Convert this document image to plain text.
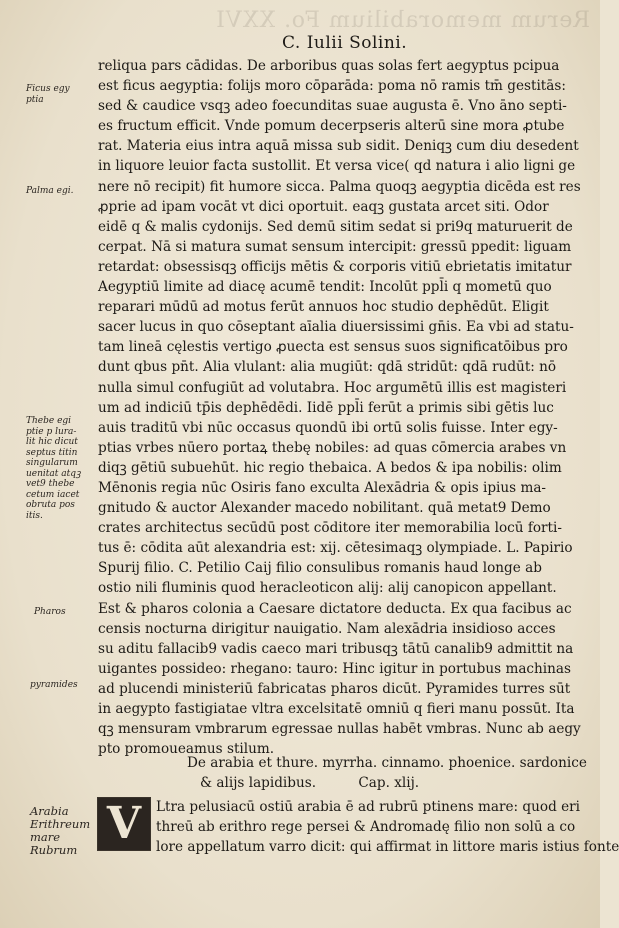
Rerum memorabilium Fo. XXVI
C. Iulii Solini.
Ficus egy
ptia
Palma egi.
Thebe egi
ptie p lura-
lit hic dicut
septus titin
singularum
uenitat atqꝫ
vet9 thebe
cetum iacet
obruta pos
itis.
Pharos
pyramides
Arabia
Erithreum
mare
Rubrum
reliqua pars cādidas. De arboribus quas solas fert aegyptus pcipua
est ficus aegyptia: folijs moro cōparāda: poma nō ramis tm̄ gestitās:
sed & caudice vsqꝫ adeo foecunditas suae augusta ē. Vno āno septi-
es fructum efficit. Vnde pomum decerpseris alterū sine mora ꝓtube
rat. Materia eius intra aquā missa sub sidit. Deniqꝫ cum diu desedent
in liquore leuior facta sustollit. Et versa vice( qd natura i alio ligni ge
nere nō recipit) fit humore sicca. Palma quoqꝫ aegyptia dicēda est res
ꝓprie ad ipam vocāt vt dici oportuit. eaqꝫ gustata arcet siti. Odor
eidē q & malis cydonijs. Sed demū sitim sedat si pri9q maturuerit de
cerpat. Nā si matura sumat sensum intercipit: gressū ppedit: liguam
retardat: obsessisqꝫ officijs mētis & corporis vitiū ebrietatis imitatur
Aegyptiū limite ad diacę acumē tendit: Incolūt ppl̄i q mometū quo
reparari mūdū ad motus ferūt annuos hoc studio dephēdūt. Eligit
sacer lucus in quo cōseptant aīalia diuersissimi gn̄is. Ea vbi ad statu-
tam lineā cęlestis vertigo ꝓuecta est sensus suos significatōibus pro
dunt qbus pn̄t. Alia vlulant: alia mugiūt: qdā stridūt: qdā rudūt: nō
nulla simul confugiūt ad volutabra. Hoc argumētū illis est magisteri
um ad indiciū tp̄is dephēdēdi. Iidē ppl̄i ferūt a primis sibi gētis luc
auis traditū vbi nūc occasus quondū ibi ortū solis fuisse. Inter egy-
ptias vrbes nūero portaꝝ thebę nobiles: ad quas cōmercia arabes vn
diqꝫ gētiū subuehūt. hic regio thebaica. A bedos & ipa nobilis: olim
Mēnonis regia nūc Osiris fano exculta Alexādria & opis ipius ma-
gnitudo & auctor Alexander macedo nobilitant. quā metat9 Demo
crates architectus secūdū post cōditore iter memorabilia locū forti-
tus ē: cōdita aūt alexandria est: xij. cētesimaqꝫ olympiade. L. Papirio
Spurij filio. C. Petilio Caij filio consulibus romanis haud longe ab
ostio nili fluminis quod heracleoticon alij: alij canopicon appellant.
Est & pharos colonia a Caesare dictatore deducta. Ex qua facibus ac
censis nocturna dirigitur nauigatio. Nam alexādria insidioso acces
su aditu fallacib9 vadis caeco mari tribusqꝫ tātū canalib9 admittit na
uigantes possideo: rhegano: tauro: Hinc igitur in portubus machinas
ad plucendi ministeriū fabricatas pharos dicūt. Pyramides turres sūt
in aegypto fastigiatae vltra excelsitatē omniū q fieri manu possūt. Ita
qꝫ mensuram vmbrarum egressae nullas habēt vmbras. Nunc ab aegy
pto promoueamus stilum.
De arabia et thure. myrrha. cinnamo. phoenice. sardonice
& alijs lapidibus.	Cap. xlij.
V	Ltra pelusiacū ostiū arabia ē ad rubrū ptinens mare: quod eri
threū ab erithro rege persei & Andromadę filio non solū a co
lore appellatum varro dicit: qui affirmat in littore maris istius fonte
